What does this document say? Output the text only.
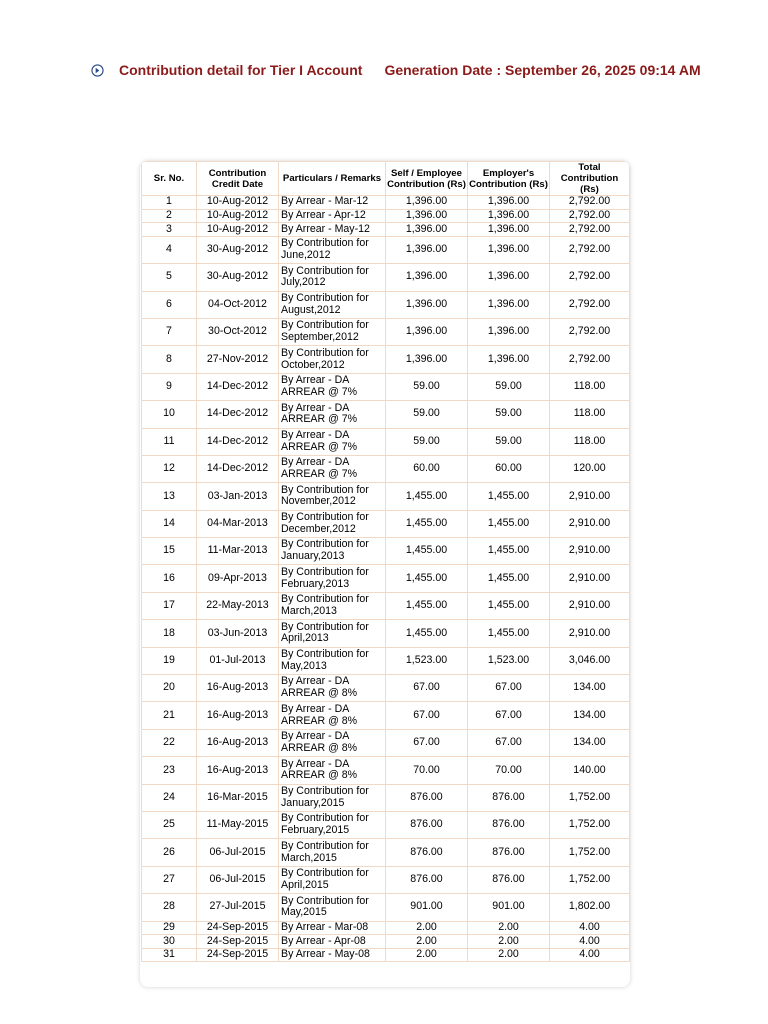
Contribution detail for Tier I Account Generation Date : September 26, 2025 09:14 AM
Sr. No.	Contribution Credit Date	Particulars / Remarks	Self / Employee Contribution (Rs)	Employer's Contribution (Rs)	Total Contribution (Rs)
1	10-Aug-2012	By Arrear - Mar-12	1,396.00	1,396.00	2,792.00
2	10-Aug-2012	By Arrear - Apr-12	1,396.00	1,396.00	2,792.00
3	10-Aug-2012	By Arrear - May-12	1,396.00	1,396.00	2,792.00
4	30-Aug-2012	By Contribution for June,2012	1,396.00	1,396.00	2,792.00
5	30-Aug-2012	By Contribution for July,2012	1,396.00	1,396.00	2,792.00
6	04-Oct-2012	By Contribution for August,2012	1,396.00	1,396.00	2,792.00
7	30-Oct-2012	By Contribution for September,2012	1,396.00	1,396.00	2,792.00
8	27-Nov-2012	By Contribution for October,2012	1,396.00	1,396.00	2,792.00
9	14-Dec-2012	By Arrear - DA ARREAR @ 7%	59.00	59.00	118.00
10	14-Dec-2012	By Arrear - DA ARREAR @ 7%	59.00	59.00	118.00
11	14-Dec-2012	By Arrear - DA ARREAR @ 7%	59.00	59.00	118.00
12	14-Dec-2012	By Arrear - DA ARREAR @ 7%	60.00	60.00	120.00
13	03-Jan-2013	By Contribution for November,2012	1,455.00	1,455.00	2,910.00
14	04-Mar-2013	By Contribution for December,2012	1,455.00	1,455.00	2,910.00
15	11-Mar-2013	By Contribution for January,2013	1,455.00	1,455.00	2,910.00
16	09-Apr-2013	By Contribution for February,2013	1,455.00	1,455.00	2,910.00
17	22-May-2013	By Contribution for March,2013	1,455.00	1,455.00	2,910.00
18	03-Jun-2013	By Contribution for April,2013	1,455.00	1,455.00	2,910.00
19	01-Jul-2013	By Contribution for May,2013	1,523.00	1,523.00	3,046.00
20	16-Aug-2013	By Arrear - DA ARREAR @ 8%	67.00	67.00	134.00
21	16-Aug-2013	By Arrear - DA ARREAR @ 8%	67.00	67.00	134.00
22	16-Aug-2013	By Arrear - DA ARREAR @ 8%	67.00	67.00	134.00
23	16-Aug-2013	By Arrear - DA ARREAR @ 8%	70.00	70.00	140.00
24	16-Mar-2015	By Contribution for January,2015	876.00	876.00	1,752.00
25	11-May-2015	By Contribution for February,2015	876.00	876.00	1,752.00
26	06-Jul-2015	By Contribution for March,2015	876.00	876.00	1,752.00
27	06-Jul-2015	By Contribution for April,2015	876.00	876.00	1,752.00
28	27-Jul-2015	By Contribution for May,2015	901.00	901.00	1,802.00
29	24-Sep-2015	By Arrear - Mar-08	2.00	2.00	4.00
30	24-Sep-2015	By Arrear - Apr-08	2.00	2.00	4.00
31	24-Sep-2015	By Arrear - May-08	2.00	2.00	4.00
